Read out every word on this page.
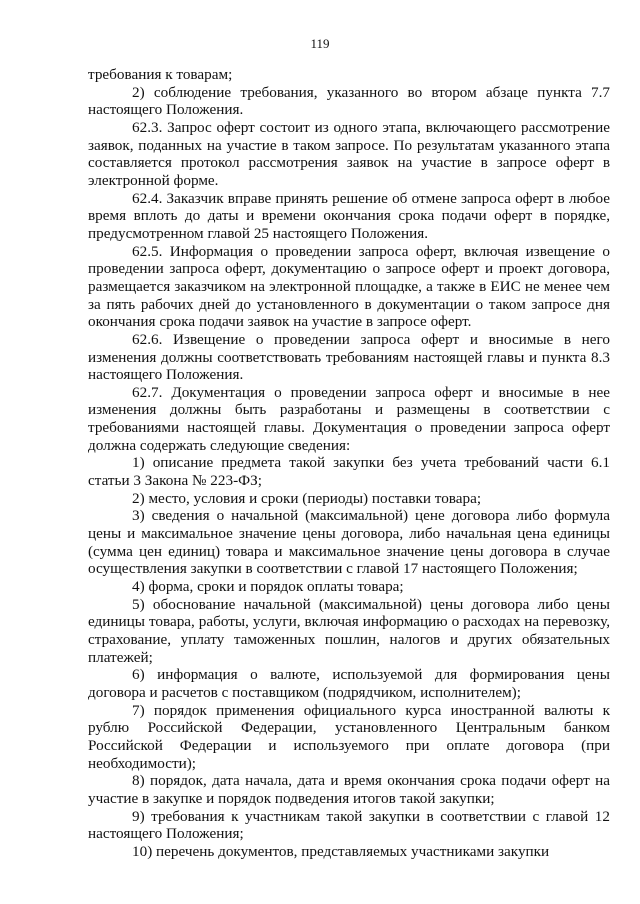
119

требования к товарам;

2) соблюдение требования, указанного во втором абзаце пункта 7.7 настоящего Положения.

62.3. Запрос оферт состоит из одного этапа, включающего рассмотрение заявок, поданных на участие в таком запросе. По результатам указанного этапа составляется протокол рассмотрения заявок на участие в запросе оферт в электронной форме.

62.4. Заказчик вправе принять решение об отмене запроса оферт в любое время вплоть до даты и времени окончания срока подачи оферт в порядке, предусмотренном главой 25 настоящего Положения.

62.5. Информация о проведении запроса оферт, включая извещение о проведении запроса оферт, документацию о запросе оферт и проект договора, размещается заказчиком на электронной площадке, а также в ЕИС не менее чем за пять рабочих дней до установленного в документации о таком запросе дня окончания срока подачи заявок на участие в запросе оферт.

62.6. Извещение о проведении запроса оферт и вносимые в него изменения должны соответствовать требованиям настоящей главы и пункта 8.3 настоящего Положения.

62.7. Документация о проведении запроса оферт и вносимые в нее изменения должны быть разработаны и размещены в соответствии с требованиями настоящей главы. Документация о проведении запроса оферт должна содержать следующие сведения:

1) описание предмета такой закупки без учета требований части 6.1 статьи 3 Закона № 223-ФЗ;

2) место, условия и сроки (периоды) поставки товара;

3) сведения о начальной (максимальной) цене договора либо формула цены и максимальное значение цены договора, либо начальная цена единицы (сумма цен единиц) товара и максимальное значение цены договора в случае осуществления закупки в соответствии с главой 17 настоящего Положения;

4) форма, сроки и порядок оплаты товара;

5) обоснование начальной (максимальной) цены договора либо цены единицы товара, работы, услуги, включая информацию о расходах на перевозку, страхование, уплату таможенных пошлин, налогов и других обязательных платежей;

6) информация о валюте, используемой для формирования цены договора и расчетов с поставщиком (подрядчиком, исполнителем);

7) порядок применения официального курса иностранной валюты к рублю Российской Федерации, установленного Центральным банком Российской Федерации и используемого при оплате договора (при необходимости);

8) порядок, дата начала, дата и время окончания срока подачи оферт на участие в закупке и порядок подведения итогов такой закупки;

9) требования к участникам такой закупки в соответствии с главой 12 настоящего Положения;

10) перечень документов, представляемых участниками закупки
